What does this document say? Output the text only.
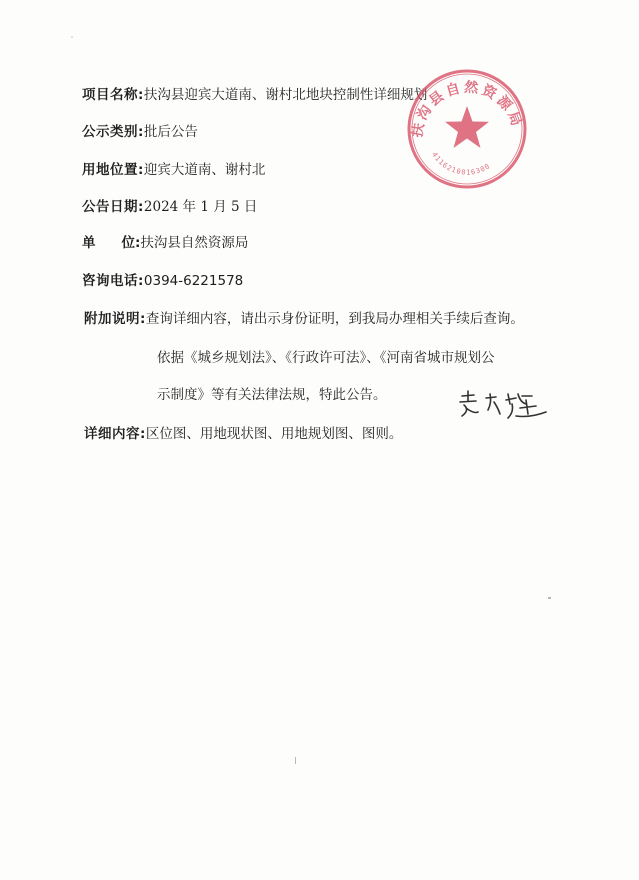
项目名称:扶沟县迎宾大道南、谢村北地块控制性详细规划
公示类别:批后公告
用地位置:迎宾大道南、谢村北
公告日期:2024 年 1 月 5 日
单 位:扶沟县自然资源局
咨询电话:0394-6221578
附加说明:查询详细内容，请出示身份证明，到我局办理相关手续后查询。
依据《城乡规划法》、《行政许可法》、《河南省城市规划公
示制度》等有关法律法规，特此公告。
详细内容:区位图、用地现状图、用地规划图、图则。
扶沟县自然资源局
4116210016300
